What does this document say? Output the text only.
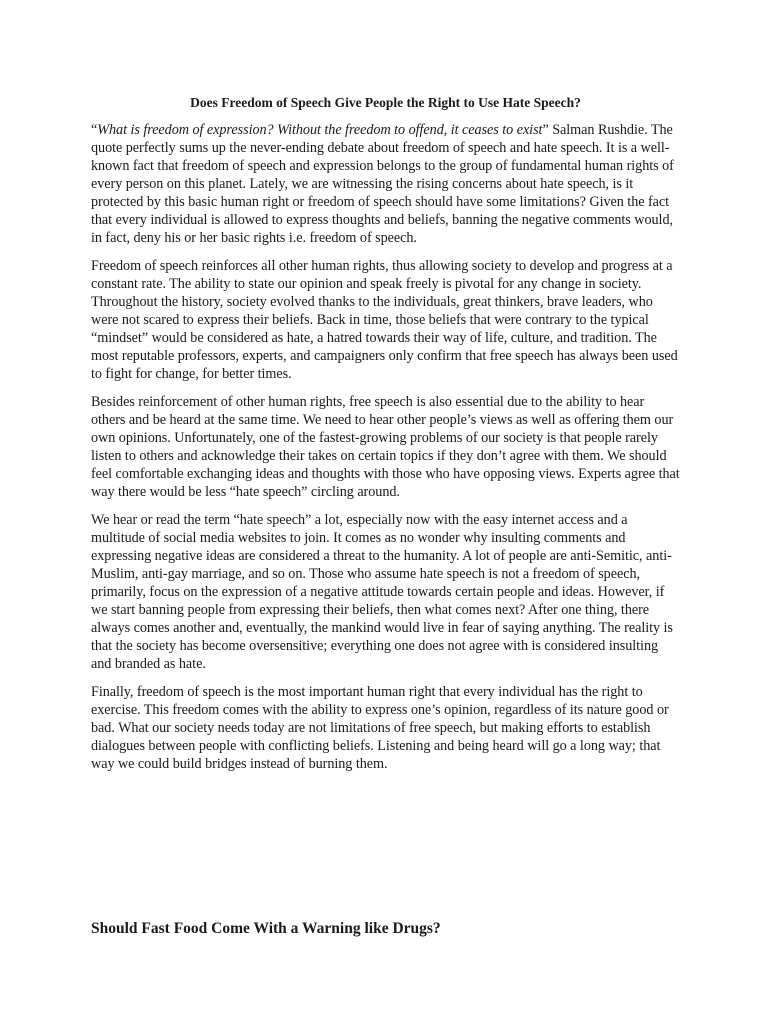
Does Freedom of Speech Give People the Right to Use Hate Speech?

“What is freedom of expression? Without the freedom to offend, it ceases to exist” Salman Rushdie. The quote perfectly sums up the never-ending debate about freedom of speech and hate speech. It is a well-known fact that freedom of speech and expression belongs to the group of fundamental human rights of every person on this planet. Lately, we are witnessing the rising concerns about hate speech, is it protected by this basic human right or freedom of speech should have some limitations? Given the fact that every individual is allowed to express thoughts and beliefs, banning the negative comments would, in fact, deny his or her basic rights i.e. freedom of speech.

Freedom of speech reinforces all other human rights, thus allowing society to develop and progress at a constant rate. The ability to state our opinion and speak freely is pivotal for any change in society. Throughout the history, society evolved thanks to the individuals, great thinkers, brave leaders, who were not scared to express their beliefs. Back in time, those beliefs that were contrary to the typical “mindset” would be considered as hate, a hatred towards their way of life, culture, and tradition. The most reputable professors, experts, and campaigners only confirm that free speech has always been used to fight for change, for better times.

Besides reinforcement of other human rights, free speech is also essential due to the ability to hear others and be heard at the same time. We need to hear other people’s views as well as offering them our own opinions. Unfortunately, one of the fastest-growing problems of our society is that people rarely listen to others and acknowledge their takes on certain topics if they don’t agree with them. We should feel comfortable exchanging ideas and thoughts with those who have opposing views. Experts agree that way there would be less “hate speech” circling around.

We hear or read the term “hate speech” a lot, especially now with the easy internet access and a multitude of social media websites to join. It comes as no wonder why insulting comments and expressing negative ideas are considered a threat to the humanity. A lot of people are anti-Semitic, anti-Muslim, anti-gay marriage, and so on. Those who assume hate speech is not a freedom of speech, primarily, focus on the expression of a negative attitude towards certain people and ideas. However, if we start banning people from expressing their beliefs, then what comes next? After one thing, there always comes another and, eventually, the mankind would live in fear of saying anything. The reality is that the society has become oversensitive; everything one does not agree with is considered insulting and branded as hate.

Finally, freedom of speech is the most important human right that every individual has the right to exercise. This freedom comes with the ability to express one’s opinion, regardless of its nature good or bad. What our society needs today are not limitations of free speech, but making efforts to establish dialogues between people with conflicting beliefs. Listening and being heard will go a long way; that way we could build bridges instead of burning them.

Should Fast Food Come With a Warning like Drugs?
